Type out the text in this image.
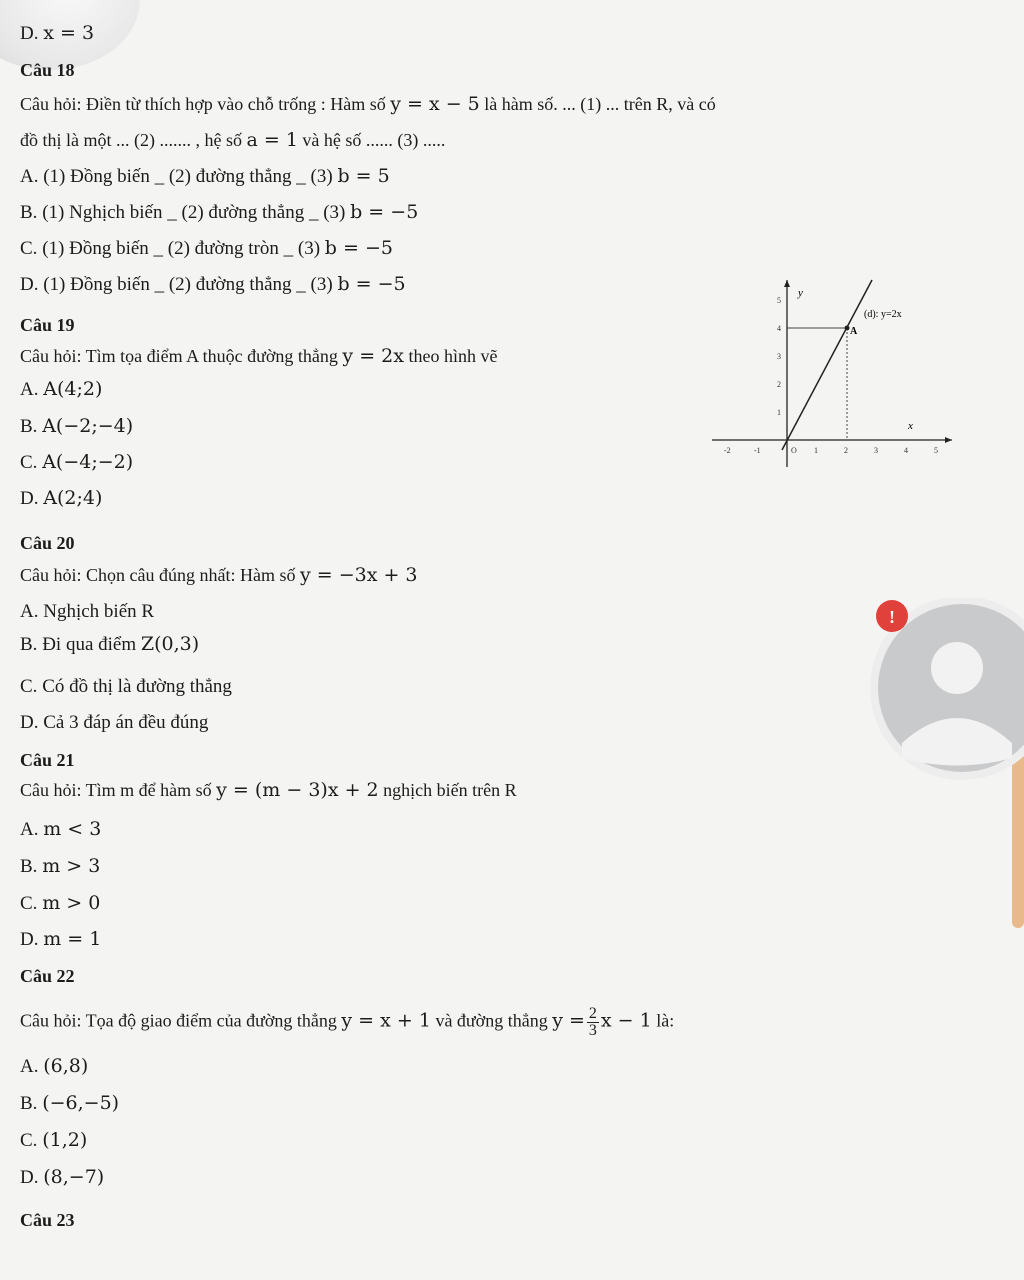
D. x = 3
Câu 18
Câu hỏi: Điền từ thích hợp vào chỗ trống : Hàm số y = x − 5 là hàm số. ... (1) ... trên R, và có
đồ thị là một ... (2) ....... , hệ số a = 1 và hệ số ...... (3) .....
A. (1) Đồng biến _ (2) đường thẳng _ (3) b = 5
B. (1) Nghịch biến _ (2) đường thẳng _ (3) b = −5
C. (1) Đồng biến _ (2) đường tròn _ (3) b = −5
D. (1) Đồng biến _ (2) đường thẳng _ (3) b = −5
Câu 19
Câu hỏi: Tìm tọa điểm A thuộc đường thẳng y = 2x theo hình vẽ
A. A(4;2)
B. A(−2;−4)
C. A(−4;−2)
D. A(2;4)
y
x
A
(d): y=2x
-2	-1	O 1	2	3	4	5
1
2
3
4
5
Câu 20
Câu hỏi: Chọn câu đúng nhất: Hàm số y = −3x + 3
A. Nghịch biến R
B. Đi qua điểm Z(0,3)
C. Có đồ thị là đường thẳng
D. Cả 3 đáp án đều đúng
Câu 21
Câu hỏi: Tìm m để hàm số y = (m − 3)x + 2 nghịch biến trên R
A. m < 3
B. m > 3
C. m > 0
D. m = 1
Câu 22
Câu hỏi: Tọa độ giao điểm của đường thẳng y = x + 1 và đường thẳng $y = \frac{2}{3}$ x − 1 là:
A. (6,8)
B. (−6,−5)
C. (1,2)
D. (8,−7)
Câu 23
!
